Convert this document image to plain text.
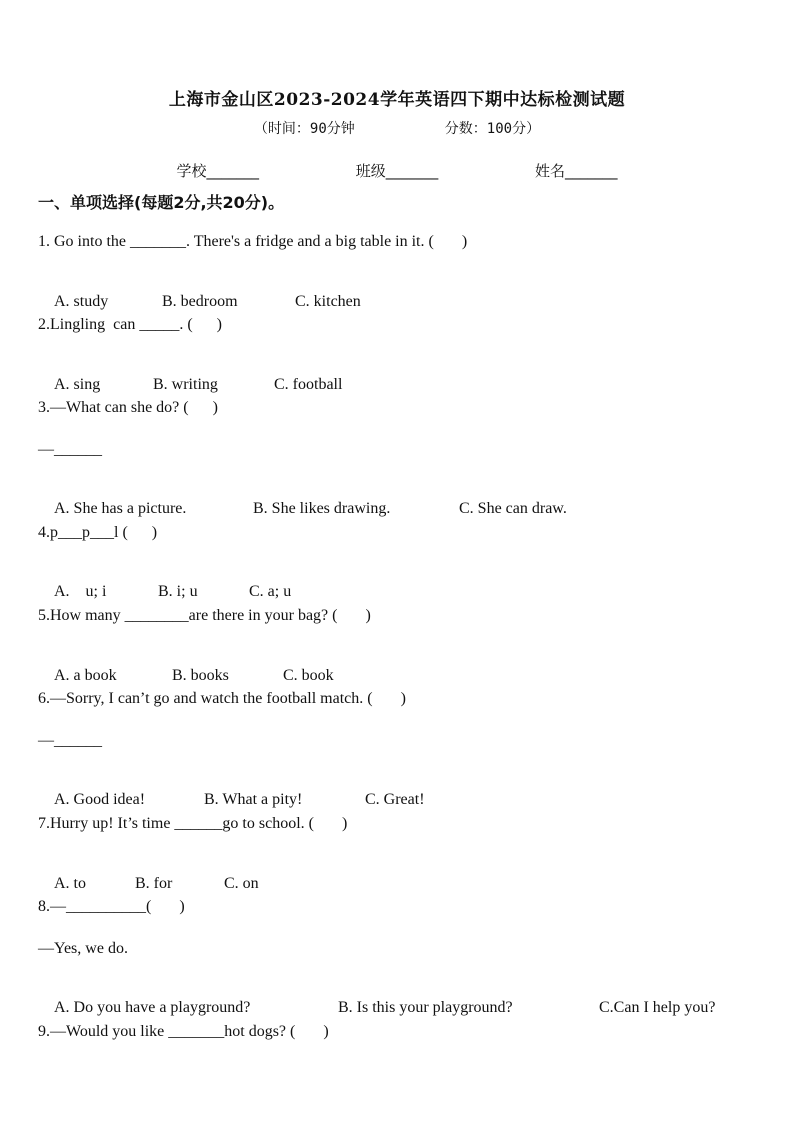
上海市金山区2023-2024学年英语四下期中达标检测试题
（时间：90分钟	分数：100分）
学校_______	班级_______	姓名_______
一、单项选择(每题2分,共20分)。
1. Go into the _______. There's a fridge and a big table in it. (       )

A. study	B. bedroom	C. kitchen

2.Lingling  can _____. (      )

A. sing	B. writing	C. football

3.—What can she do? (      )
—______

A. She has a picture.	B. She likes drawing.	C. She can draw.

4.p___p___l (      )

A.    u; i	B. i; u	C. a; u

5.How many ________are there in your bag? (       )

A. a book	B. books	C. book

6.—Sorry, I can’t go and watch the football match. (       )
—______

A. Good idea!	B. What a pity!	C. Great!

7.Hurry up! It’s time ______go to school. (       )

A. to	B. for	C. on

8.—__________(       )
—Yes, we do.

A. Do you have a playground?	B. Is this your playground?	C.Can I help you?

9.—Would you like _______hot dogs? (       )
